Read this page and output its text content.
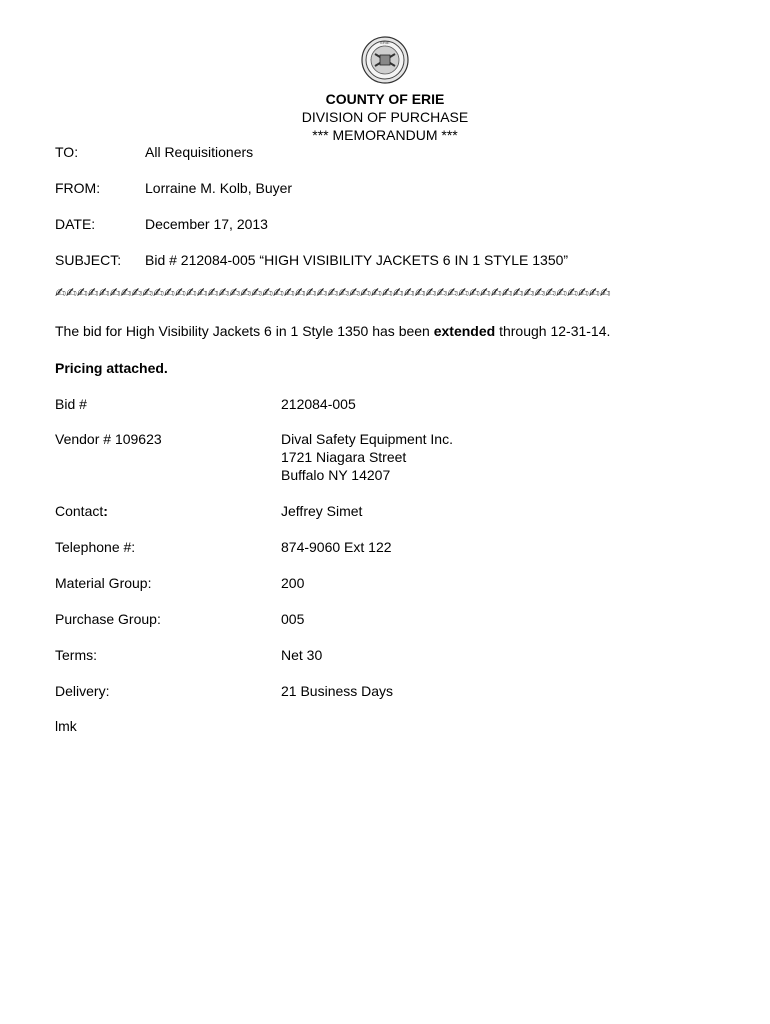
ERIE
COUNTY OF ERIE
DIVISION OF PURCHASE
*** MEMORANDUM ***
TO:	All Requisitioners
FROM:	Lorraine M. Kolb, Buyer
DATE:	December 17, 2013
SUBJECT: Bid # 212084-005 “HIGH VISIBILITY JACKETS 6 IN 1 STYLE 1350”
✍✍✍✍✍✍✍✍✍✍✍✍✍✍✍✍✍✍✍✍✍✍✍✍✍✍✍✍✍✍✍✍✍✍✍✍✍✍✍✍✍✍✍✍✍✍✍✍✍✍✍
The bid for High Visibility Jackets 6 in 1 Style 1350 has been extended through 12-31-14.
Pricing attached.
Bid #	212084-005
Vendor # 109623	Dival Safety Equipment Inc.
1721 Niagara Street
Buffalo NY 14207
Contact:	Jeffrey Simet
Telephone #:	874-9060 Ext 122
Material Group:	200
Purchase Group:	005
Terms:	Net 30
Delivery:	21 Business Days
lmk
